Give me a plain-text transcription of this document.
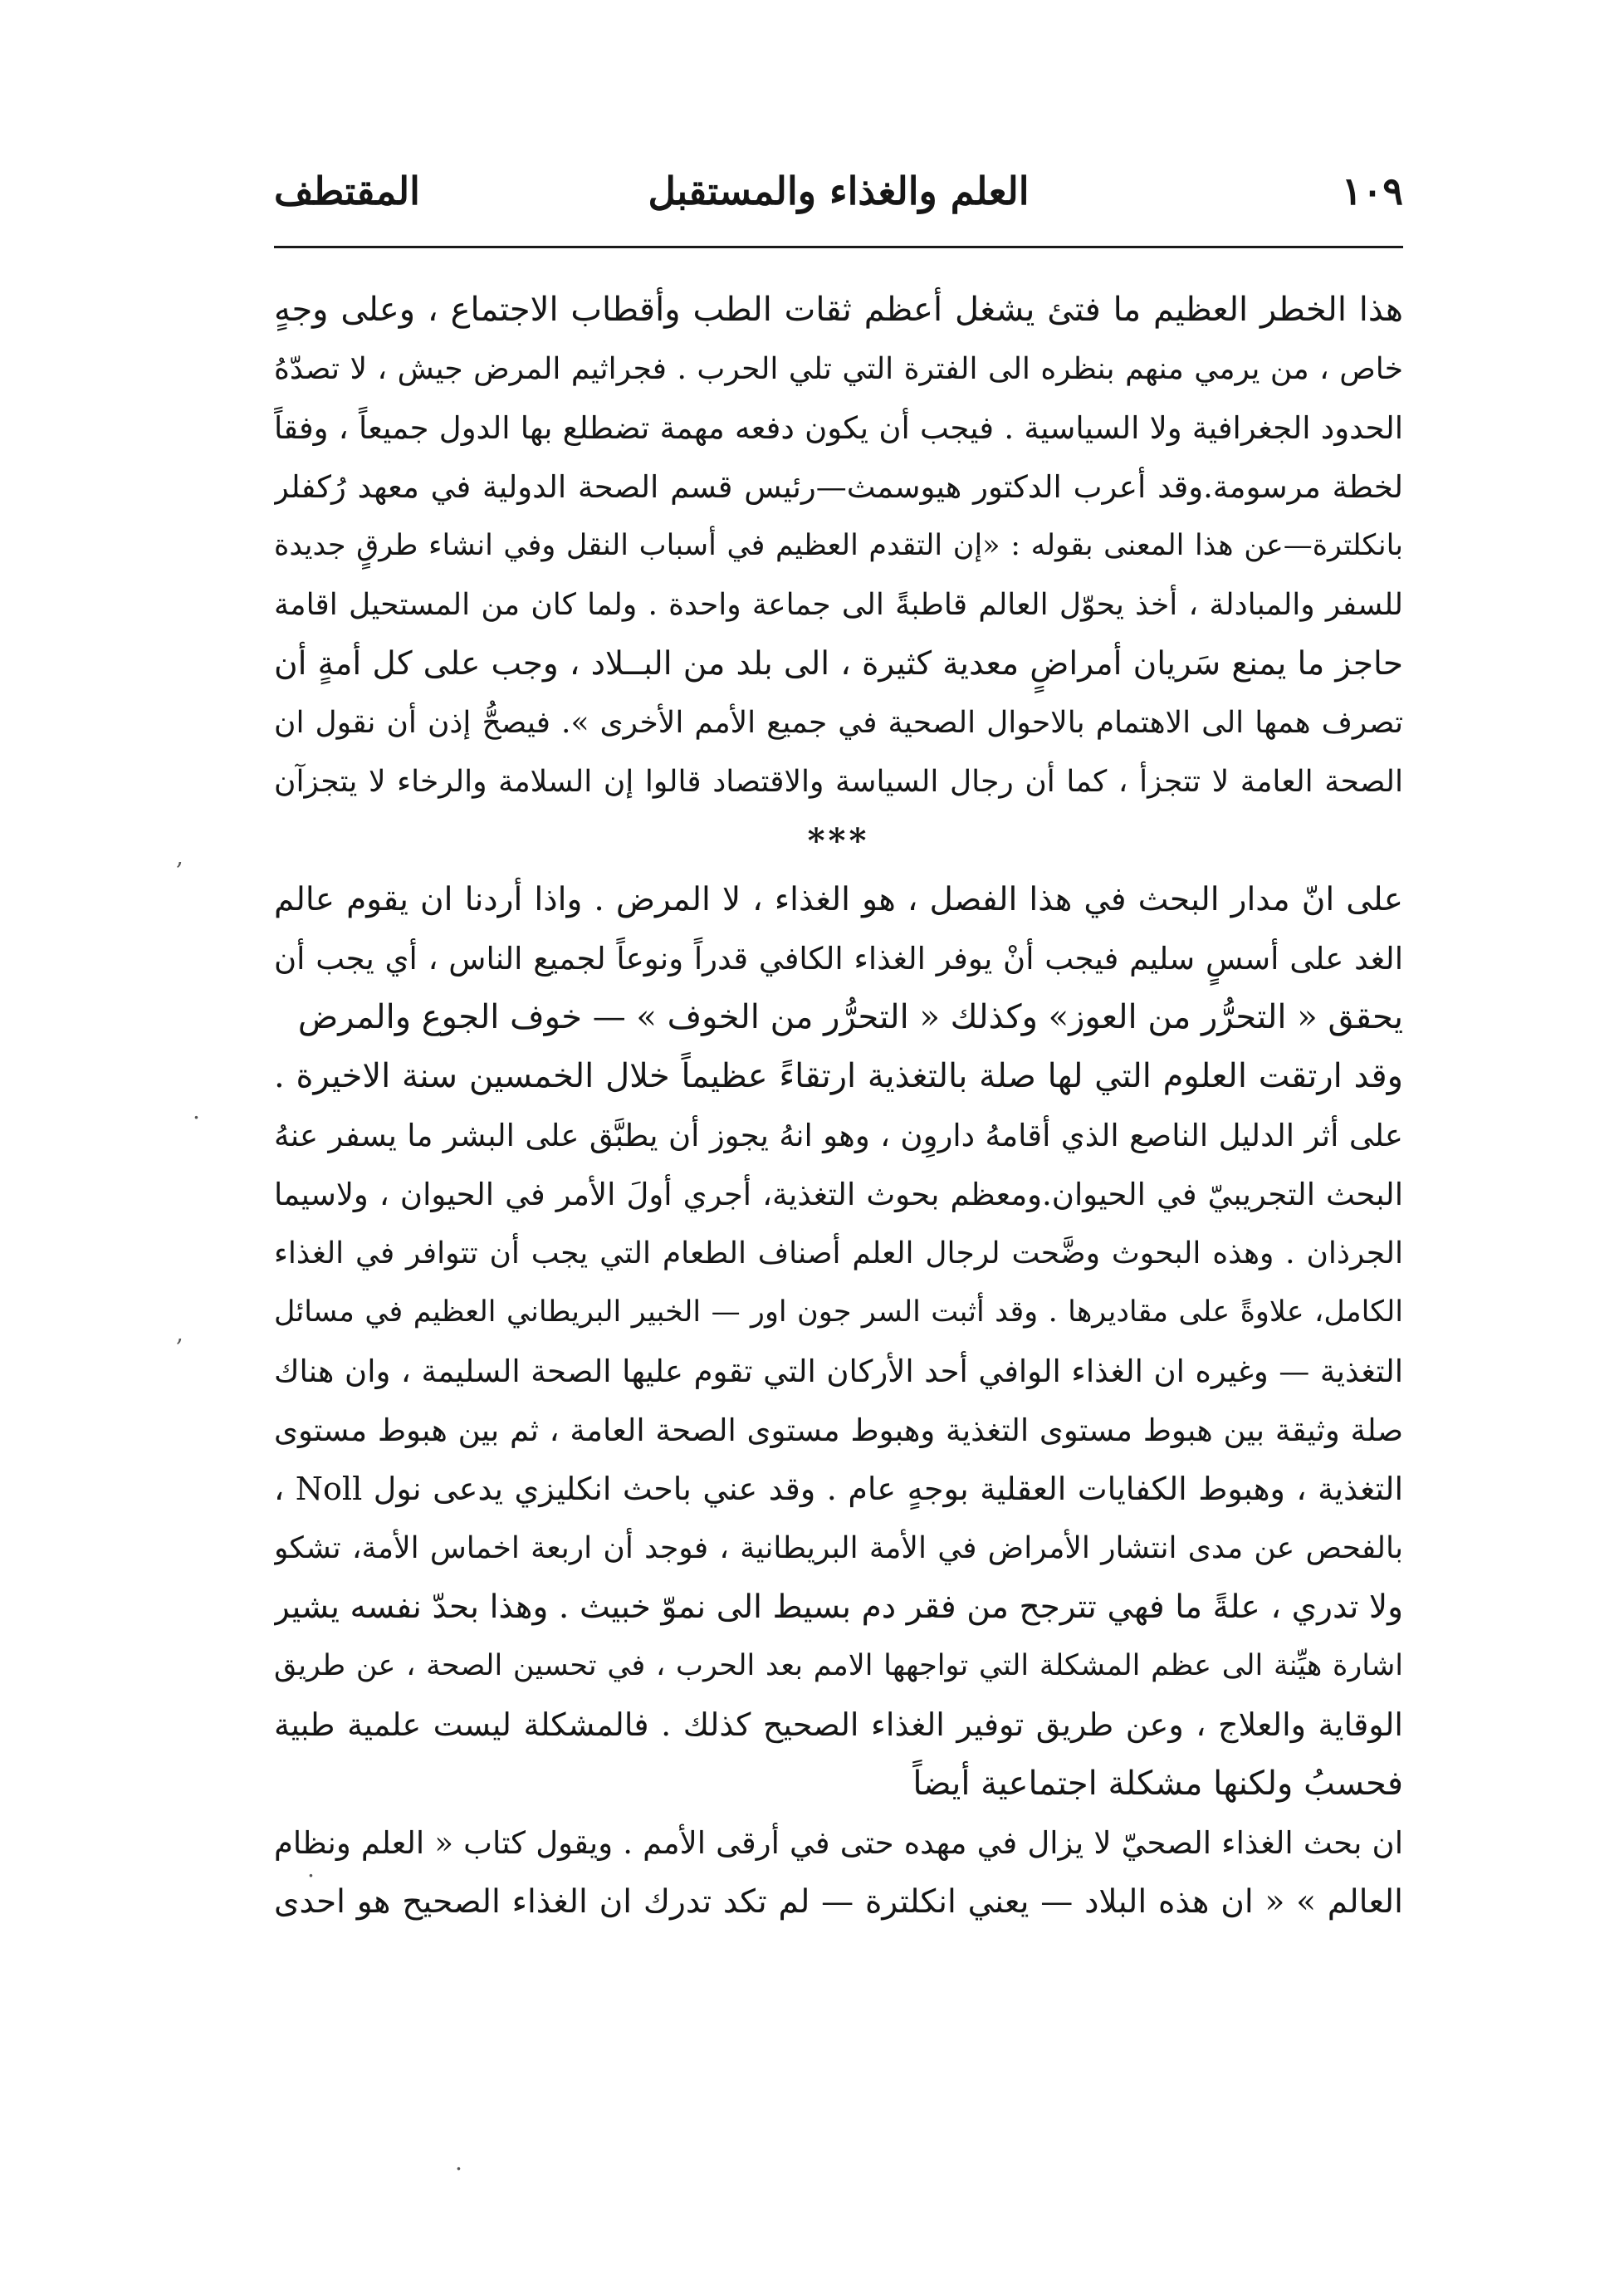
١٠٩
العلم والغذاء والمستقبل
المقتطف
هذا الخطر العظيم ما فتئ يشغل أعظم ثقات الطب وأقطاب الاجتماع ، وعلى وجهٍ
خاص ، من يرمي منهم بنظره الى الفترة التي تلي الحرب . فجراثيم المرض جيش ، لا تصدّهُ
الحدود الجغرافية ولا السياسية . فيجب أن يكون دفعه مهمة تضطلع بها الدول جميعاً ، وفقاً
لخطة مرسومة.وقد أعرب الدكتور هيوسمث—رئيس قسم الصحة الدولية في معهد رُكفلر
بانكلترة—عن هذا المعنى بقوله : «إن التقدم العظيم في أسباب النقل وفي انشاء طرقٍ جديدة
للسفر والمبادلة ، أخذ يحوّل العالم قاطبةً الى جماعة واحدة . ولما كان من المستحيل اقامة
حاجز ما يمنع سَريان أمراضٍ معدية كثيرة ، الى بلد من البــلاد ، وجب على كل أمةٍ أن
تصرف همها الى الاهتمام بالاحوال الصحية في جميع الأمم الأخرى ». فيصحُّ إذن أن نقول ان
الصحة العامة لا تتجزأ ، كما أن رجال السياسة والاقتصاد قالوا إن السلامة والرخاء لا يتجزآن
***
على انّ مدار البحث في هذا الفصل ، هو الغذاء ، لا المرض . واذا أردنا ان يقوم عالم
الغد على أسسٍ سليم فيجب أنْ يوفر الغذاء الكافي قدراً ونوعاً لجميع الناس ، أي يجب أن
يحقق « التحرُّر من العوز» وكذلك « التحرُّر من الخوف » — خوف الجوع والمرض
وقد ارتقت العلوم التي لها صلة بالتغذية ارتقاءً عظيماً خلال الخمسين سنة الاخيرة .
على أثر الدليل الناصع الذي أقامهُ داروِن ، وهو انهُ يجوز أن يطبَّق على البشر ما يسفر عنهُ
البحث التجريبيّ في الحيوان.ومعظم بحوث التغذية، أجري أولَ الأمر في الحيوان ، ولاسيما
الجرذان . وهذه البحوث وضَّحت لرجال العلم أصناف الطعام التي يجب أن تتوافر في الغذاء
الكامل، علاوةً على مقاديرها . وقد أثبت السر جون اور — الخبير البريطاني العظيم في مسائل
التغذية — وغيره ان الغذاء الوافي أحد الأركان التي تقوم عليها الصحة السليمة ، وان هناك
صلة وثيقة بين هبوط مستوى التغذية وهبوط مستوى الصحة العامة ، ثم بين هبوط مستوى
التغذية ، وهبوط الكفايات العقلية بوجهٍ عام . وقد عني باحث انكليزي يدعى نول Noll ،
بالفحص عن مدى انتشار الأمراض في الأمة البريطانية ، فوجد أن اربعة اخماس الأمة، تشكو
ولا تدري ، علةً ما فهي تترجح من فقر دم بسيط الى نموّ خبيث . وهذا بحدّ نفسه يشير
اشارة هيِّنة الى عظم المشكلة التي تواجهها الامم بعد الحرب ، في تحسين الصحة ، عن طريق
الوقاية والعلاج ، وعن طريق توفير الغذاء الصحيح كذلك . فالمشكلة ليست علمية طبية
فحسبُ ولكنها مشكلة اجتماعية أيضاً
ان بحث الغذاء الصحيّ لا يزال في مهده حتى في أرقى الأمم . ويقول كتاب « العلم ونظام
العالم » « ان هذه البلاد — يعني انكلترة — لم تكد تدرك ان الغذاء الصحيح هو احدى
,
.
,
.
.
